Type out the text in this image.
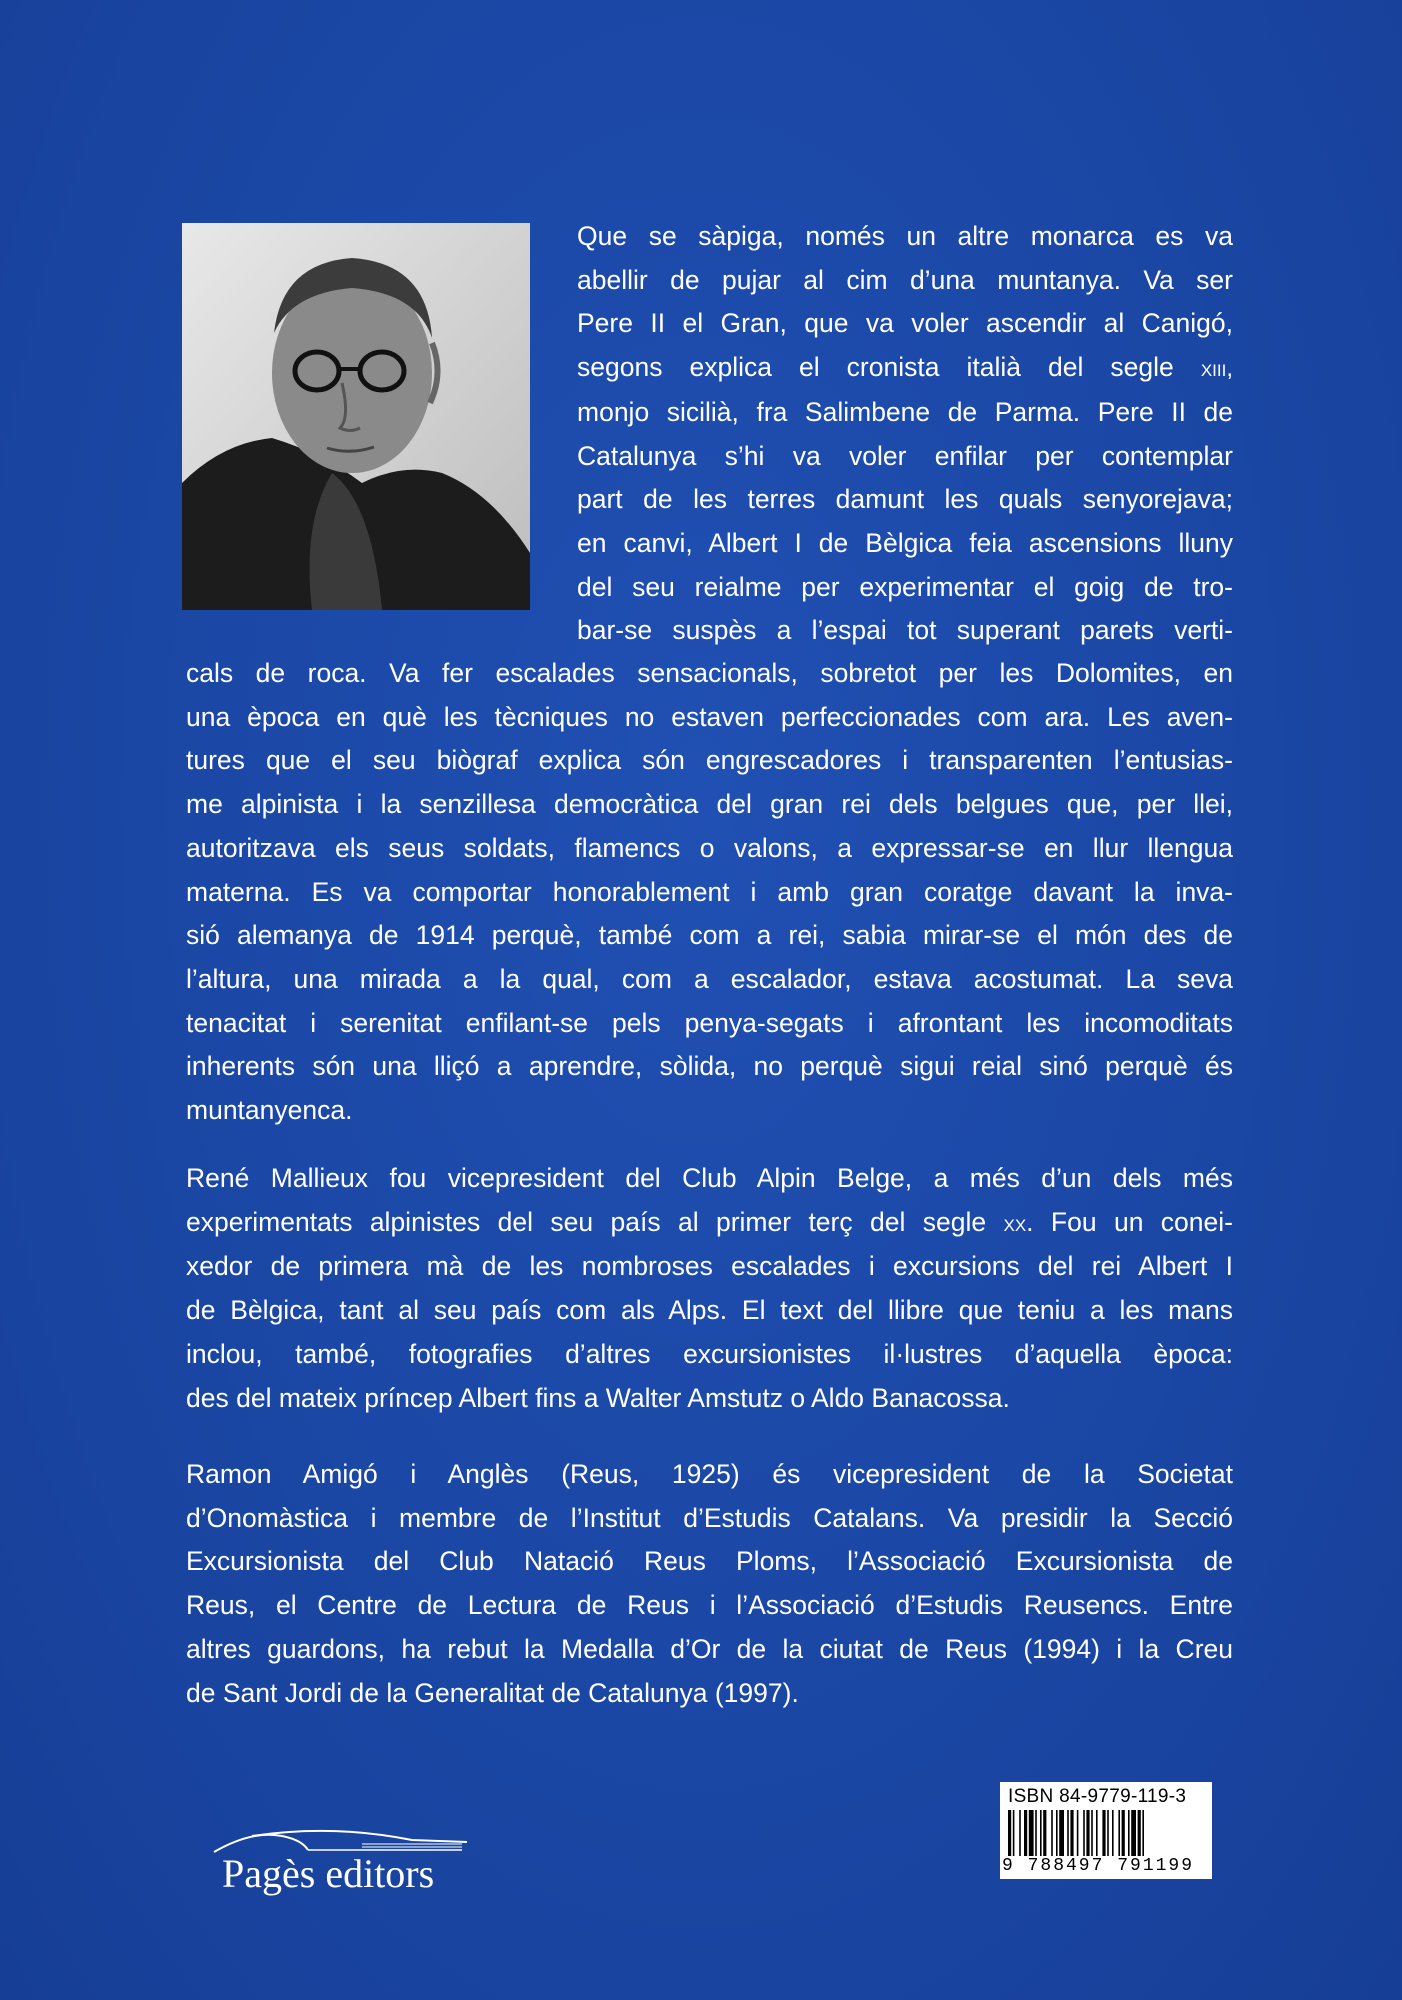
Que se sàpiga, només un altre monarca es va
abellir de pujar al cim d’una muntanya. Va ser
Pere II el Gran, que va voler ascendir al Canigó,
segons explica el cronista italià del segle xiii,
monjo sicilià, fra Salimbene de Parma. Pere II de
Catalunya s’hi va voler enfilar per contemplar
part de les terres damunt les quals senyorejava;
en canvi, Albert I de Bèlgica feia ascensions lluny
del seu reialme per experimentar el goig de tro-
bar-se suspès a l’espai tot superant parets verti-
cals de roca. Va fer escalades sensacionals, sobretot per les Dolomites, en
una època en què les tècniques no estaven perfeccionades com ara. Les aven-
tures que el seu biògraf explica són engrescadores i transparenten l’entusias-
me alpinista i la senzillesa democràtica del gran rei dels belgues que, per llei,
autoritzava els seus soldats, flamencs o valons, a expressar-se en llur llengua
materna. Es va comportar honorablement i amb gran coratge davant la inva-
sió alemanya de 1914 perquè, també com a rei, sabia mirar-se el món des de
l’altura, una mirada a la qual, com a escalador, estava acostumat. La seva
tenacitat i serenitat enfilant-se pels penya-segats i afrontant les incomoditats
inherents són una lliçó a aprendre, sòlida, no perquè sigui reial sinó perquè és
muntanyenca.
René Mallieux fou vicepresident del Club Alpin Belge, a més d’un dels més
experimentats alpinistes del seu país al primer terç del segle xx. Fou un conei-
xedor de primera mà de les nombroses escalades i excursions del rei Albert I
de Bèlgica, tant al seu país com als Alps. El text del llibre que teniu a les mans
inclou, també, fotografies d’altres excursionistes il·lustres d’aquella època:
des del mateix príncep Albert fins a Walter Amstutz o Aldo Banacossa.
Ramon Amigó i Anglès (Reus, 1925) és vicepresident de la Societat
d’Onomàstica i membre de l’Institut d’Estudis Catalans. Va presidir la Secció
Excursionista del Club Natació Reus Ploms, l’Associació Excursionista de
Reus, el Centre de Lectura de Reus i l’Associació d’Estudis Reusencs. Entre
altres guardons, ha rebut la Medalla d’Or de la ciutat de Reus (1994) i la Creu
de Sant Jordi de la Generalitat de Catalunya (1997).
Pagès editors
ISBN 84-9779-119-3
9 788497 791199
